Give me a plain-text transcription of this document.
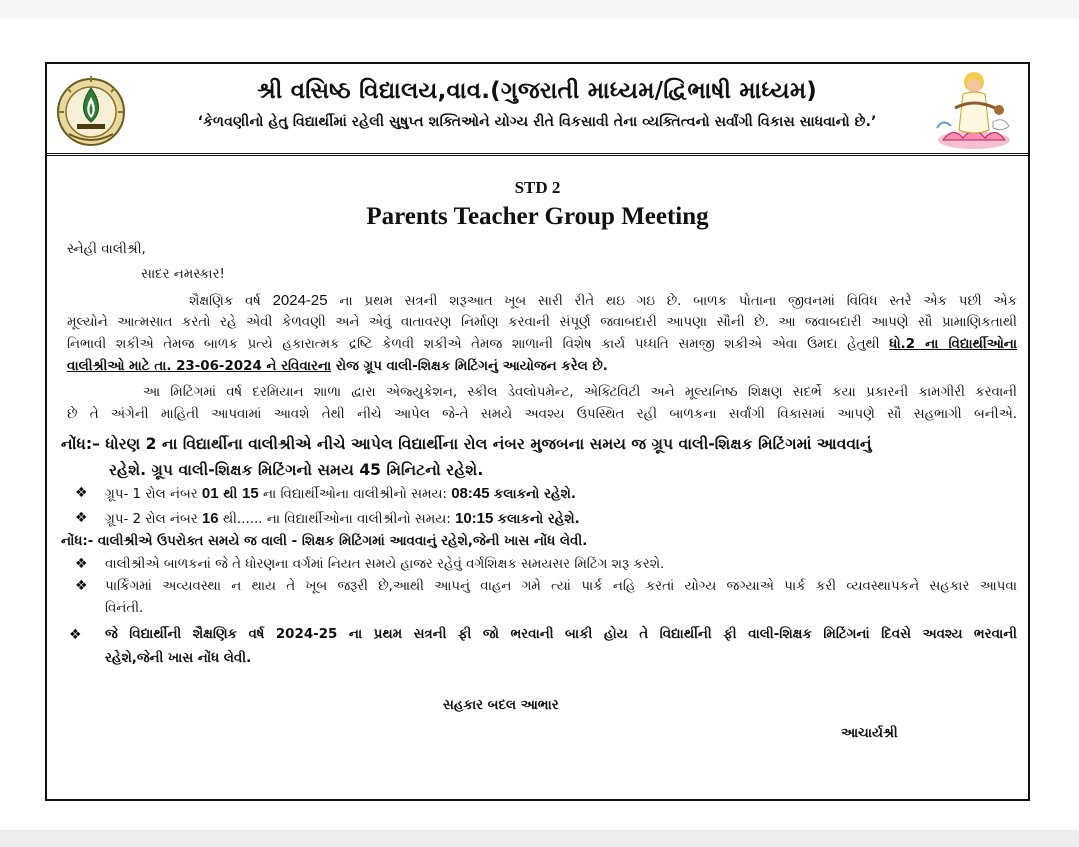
શ્રી વસિષ્ઠ વિદ્યાલય,વાવ.(ગુજરાતી માધ્યમ/દ્વિભાષી માધ્યમ)
‘કેળવણીનો હેતુ વિદ્યાર્થીમાં રહેલી સુષુપ્ત શક્તિઓને યોગ્ય રીતે વિકસાવી તેના વ્યક્તિત્વનો સર્વાંગી વિકાસ સાધવાનો છે.’
STD 2
Parents Teacher Group Meeting
સ્નેહી વાલીશ્રી,
સાદર નમસ્કાર!
શૈક્ષણિક વર્ષ 2024-25 ના પ્રથમ સત્રની શરૂઆત ખૂબ સારી રીતે થઇ ગઇ છે. બાળક પોતાના જીવનમાં વિવિધ સ્તરે એક પછી એક
મૂલ્યોને આત્મસાત કરતો રહે એવી કેળવણી અને એવું વાતાવરણ નિર્માણ કરવાની સંપૂર્ણ જવાબદારી આપણા સૌની છે. આ જવાબદારી આપણે સૌ પ્રામાણિકતાથી
નિભાવી શકીએ તેમજ બાળક પ્રત્યે હકારાત્મક દ્રષ્ટિ કેળવી શકીએ તેમજ શાળાની વિશેષ કાર્ય પધ્ધતિ સમજી શકીએ એવા ઉમદા હેતુથી ધો.2 ના વિદ્યાર્થીઓના
વાલીશ્રીઓ માટે તા. 23-06-2024 ને રવિવારના રોજ ગ્રૂપ વાલી-શિક્ષક મિટિંગનું આયોજન કરેલ છે.
આ મિટિંગમાં વર્ષ દરમિયાન શાળા દ્વારા એજ્યુકેશન, સ્કીલ ડેવલોપમેન્ટ, એક્ટિવિટી અને મૂલ્યનિષ્ઠ શિક્ષણ સદર્ભે કયા પ્રકારની કામગીરી કરવાની
છે તે અંગેની માહિતી આપવામાં આવશે તેથી નીચે આપેલ જે-તે સમયે અવશ્ય ઉપસ્થિત રહી બાળકના સર્વાંગી વિકાસમાં આપણે સૌ સહભાગી બનીએ.
નોંધ:– ધોરણ 2 ના વિદ્યાર્થીના વાલીશ્રીએ નીચે આપેલ વિદ્યાર્થીના રોલ નંબર મુજબના સમય જ ગ્રૂપ વાલી-શિક્ષક મિટિંગમાં આવવાનું
રહેશે. ગ્રૂપ વાલી-શિક્ષક મિટિંગનો સમય 45 મિનિટનો રહેશે.
❖ ગ્રૂપ- 1 રોલ નંબર 01 થી 15 ના વિદ્યાર્થીઓના વાલીશ્રીનો સમય: 08:45 કલાકનો રહેશે.
❖ ગ્રૂપ- 2 રોલ નંબર 16 થી...... ના વિદ્યાર્થીઓના વાલીશ્રીનો સમય: 10:15 કલાકનો રહેશે.
નોંધ:- વાલીશ્રીએ ઉપરોક્ત સમયે જ વાલી - શિક્ષક મિટિંગમાં આવવાનું રહેશે,જેની ખાસ નોંધ લેવી.
❖ વાલીશ્રીએ બાળકનાં જે તે ધોરણના વર્ગમાં નિયત સમયે હાજર રહેવું વર્ગશિક્ષક સમયસર મિટિંગ શરૂ કરશે.
❖ પાર્કિંગમાં અવ્યવસ્થા ન થાય તે ખૂબ જરૂરી છે,આથી આપનું વાહન ગમે ત્યાં પાર્ક નહિ કરતાં યોગ્ય જગ્યાએ પાર્ક કરી વ્યવસ્થાપકને સહકાર આપવા
વિનંતી.
❖ જે વિદ્યાર્થીની શૈક્ષણિક વર્ષ 2024-25 ના પ્રથમ સત્રની ફી જો ભરવાની બાકી હોય તે વિદ્યાર્થીની ફી વાલી-શિક્ષક મિટિંગનાં દિવસે અવશ્ય ભરવાની
રહેશે,જેની ખાસ નોંધ લેવી.
સહકાર બદલ આભાર
આચાર્યશ્રી
